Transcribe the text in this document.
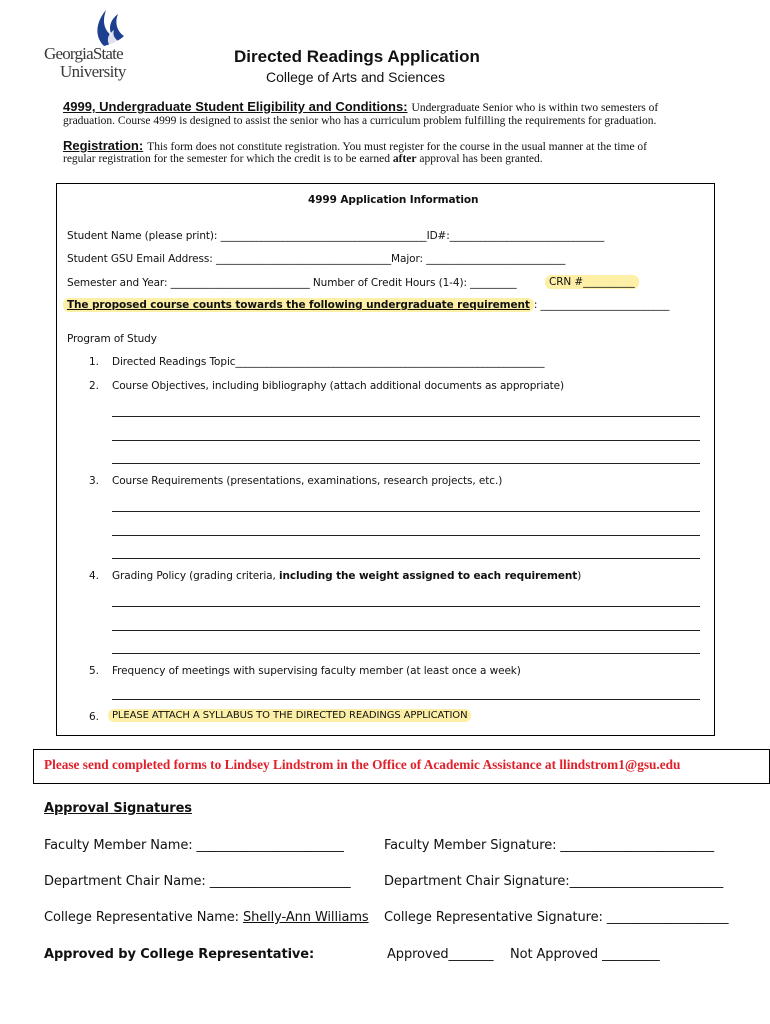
GeorgiaState
University
Directed Readings Application
College of Arts and Sciences
4999, Undergraduate Student Eligibility and Conditions: Undergraduate Senior who is within two semesters of
graduation. Course 4999 is designed to assist the senior who has a curriculum problem fulfilling the requirements for graduation.
Registration: This form does not constitute registration. You must register for the course in the usual manner at the time of
regular registration for the semester for which the credit is to be earned after approval has been granted.
4999 Application Information
Student Name (please print): ________________________________________ID#:______________________________
Student GSU Email Address: __________________________________Major: ___________________________
Semester and Year: ___________________________ Number of Credit Hours (1-4): _________	CRN #__________
The proposed course counts towards the following undergraduate requirement : _________________________
Program of Study
1. Directed Readings Topic____________________________________________________________
2. Course Objectives, including bibliography (attach additional documents as appropriate)
3. Course Requirements (presentations, examinations, research projects, etc.)
4. Grading Policy (grading criteria, including the weight assigned to each requirement)
5. Frequency of meetings with supervising faculty member (at least once a week)
6.	PLEASE ATTACH A SYLLABUS TO THE DIRECTED READINGS APPLICATION
Please send completed forms to Lindsey Lindstrom in the Office of Academic Assistance at llindstrom1@gsu.edu
Approval Signatures
Faculty Member Name: _______________________	Faculty Member Signature: ________________________
Department Chair Name: ______________________	Department Chair Signature:________________________
College Representative Name: Shelly-Ann Williams College Representative Signature: ___________________
Approved by College Representative:	Approved_______ Not Approved _________
